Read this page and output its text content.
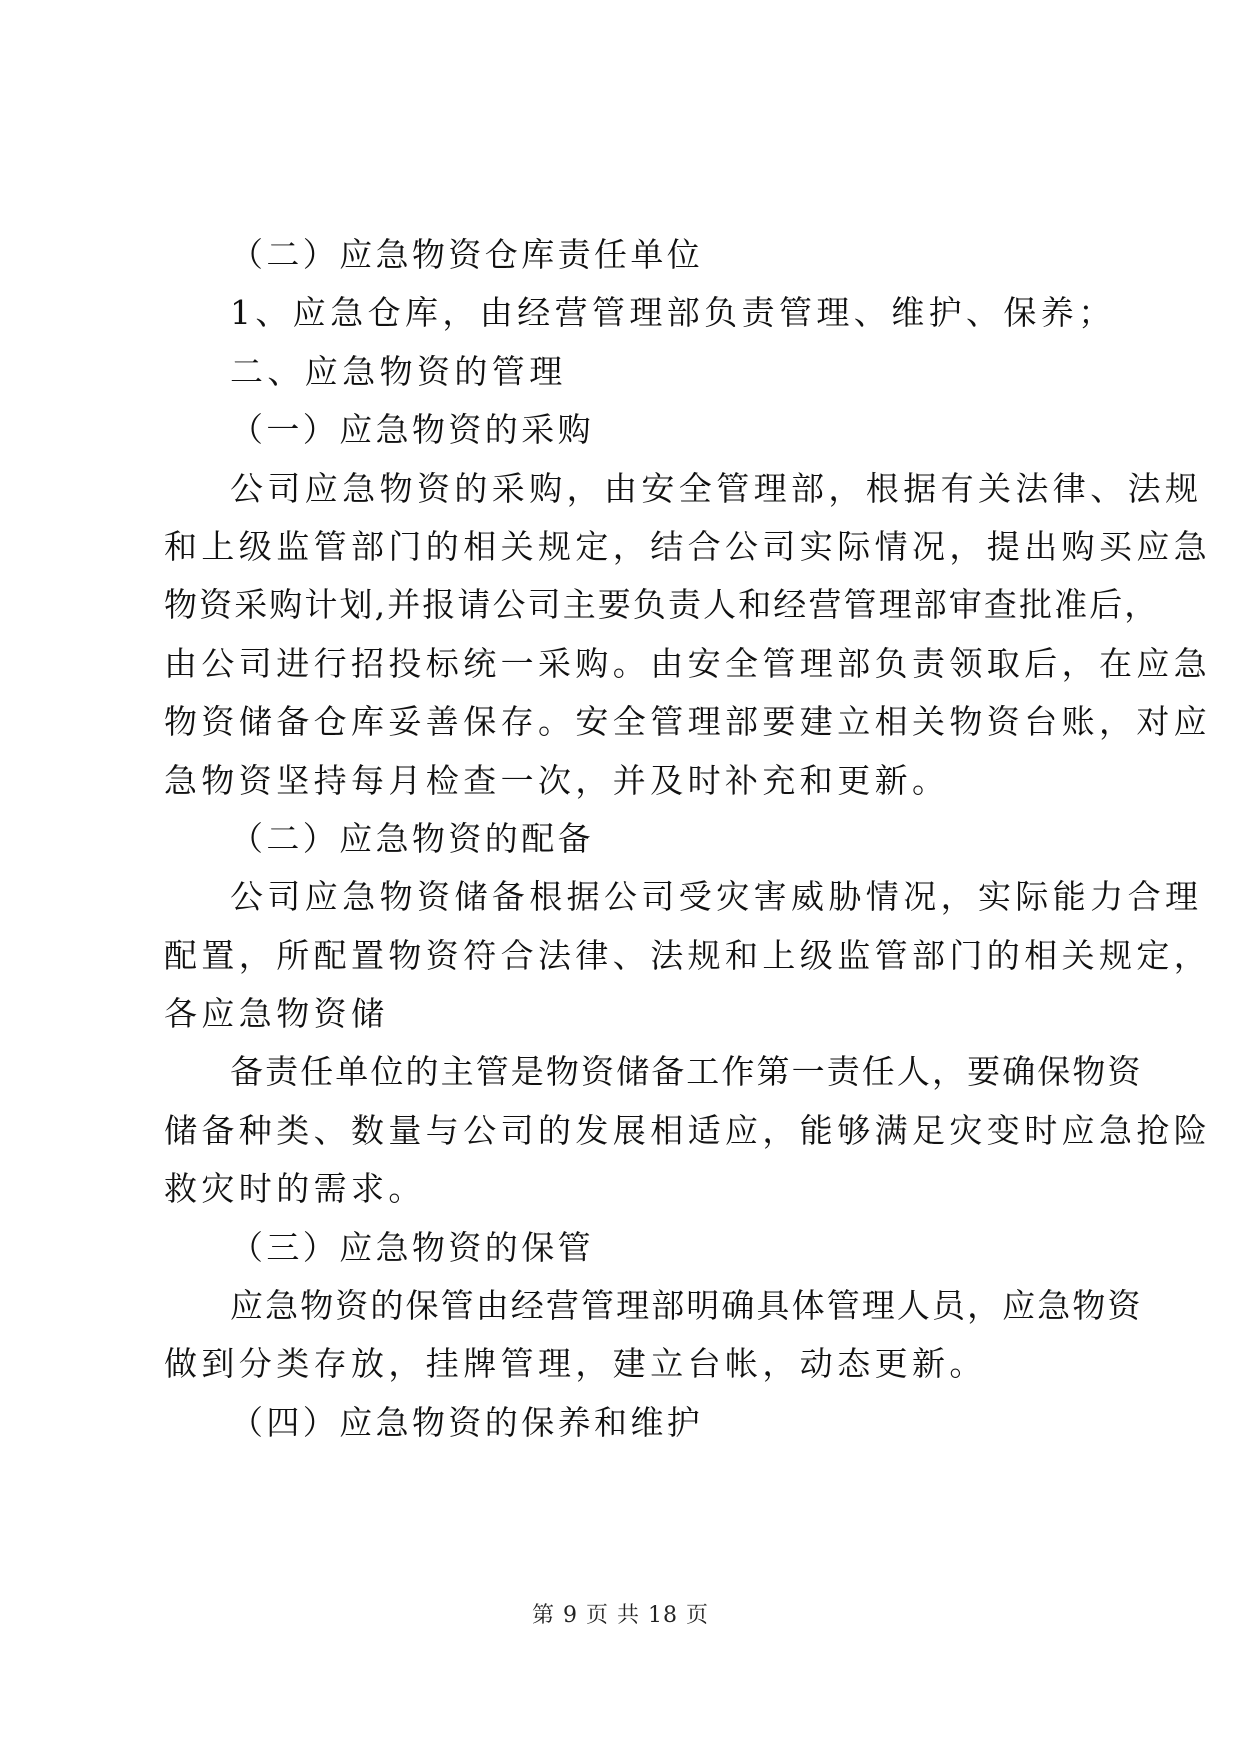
（二）应急物资仓库责任单位
1、应急仓库，由经营管理部负责管理、维护、保养；
二、应急物资的管理
（一）应急物资的采购
公司应急物资的采购，由安全管理部，根据有关法律、法规
和上级监管部门的相关规定，结合公司实际情况，提出购买应急
物资采购计划,并报请公司主要负责人和经营管理部审查批准后，
由公司进行招投标统一采购。由安全管理部负责领取后，在应急
物资储备仓库妥善保存。安全管理部要建立相关物资台账，对应
急物资坚持每月检查一次，并及时补充和更新。
（二）应急物资的配备
公司应急物资储备根据公司受灾害威胁情况，实际能力合理
配置，所配置物资符合法律、法规和上级监管部门的相关规定，
各应急物资储
备责任单位的主管是物资储备工作第一责任人，要确保物资
储备种类、数量与公司的发展相适应，能够满足灾变时应急抢险
救灾时的需求。
（三）应急物资的保管
应急物资的保管由经营管理部明确具体管理人员，应急物资
做到分类存放，挂牌管理，建立台帐，动态更新。
（四）应急物资的保养和维护
第 9 页 共 18 页
